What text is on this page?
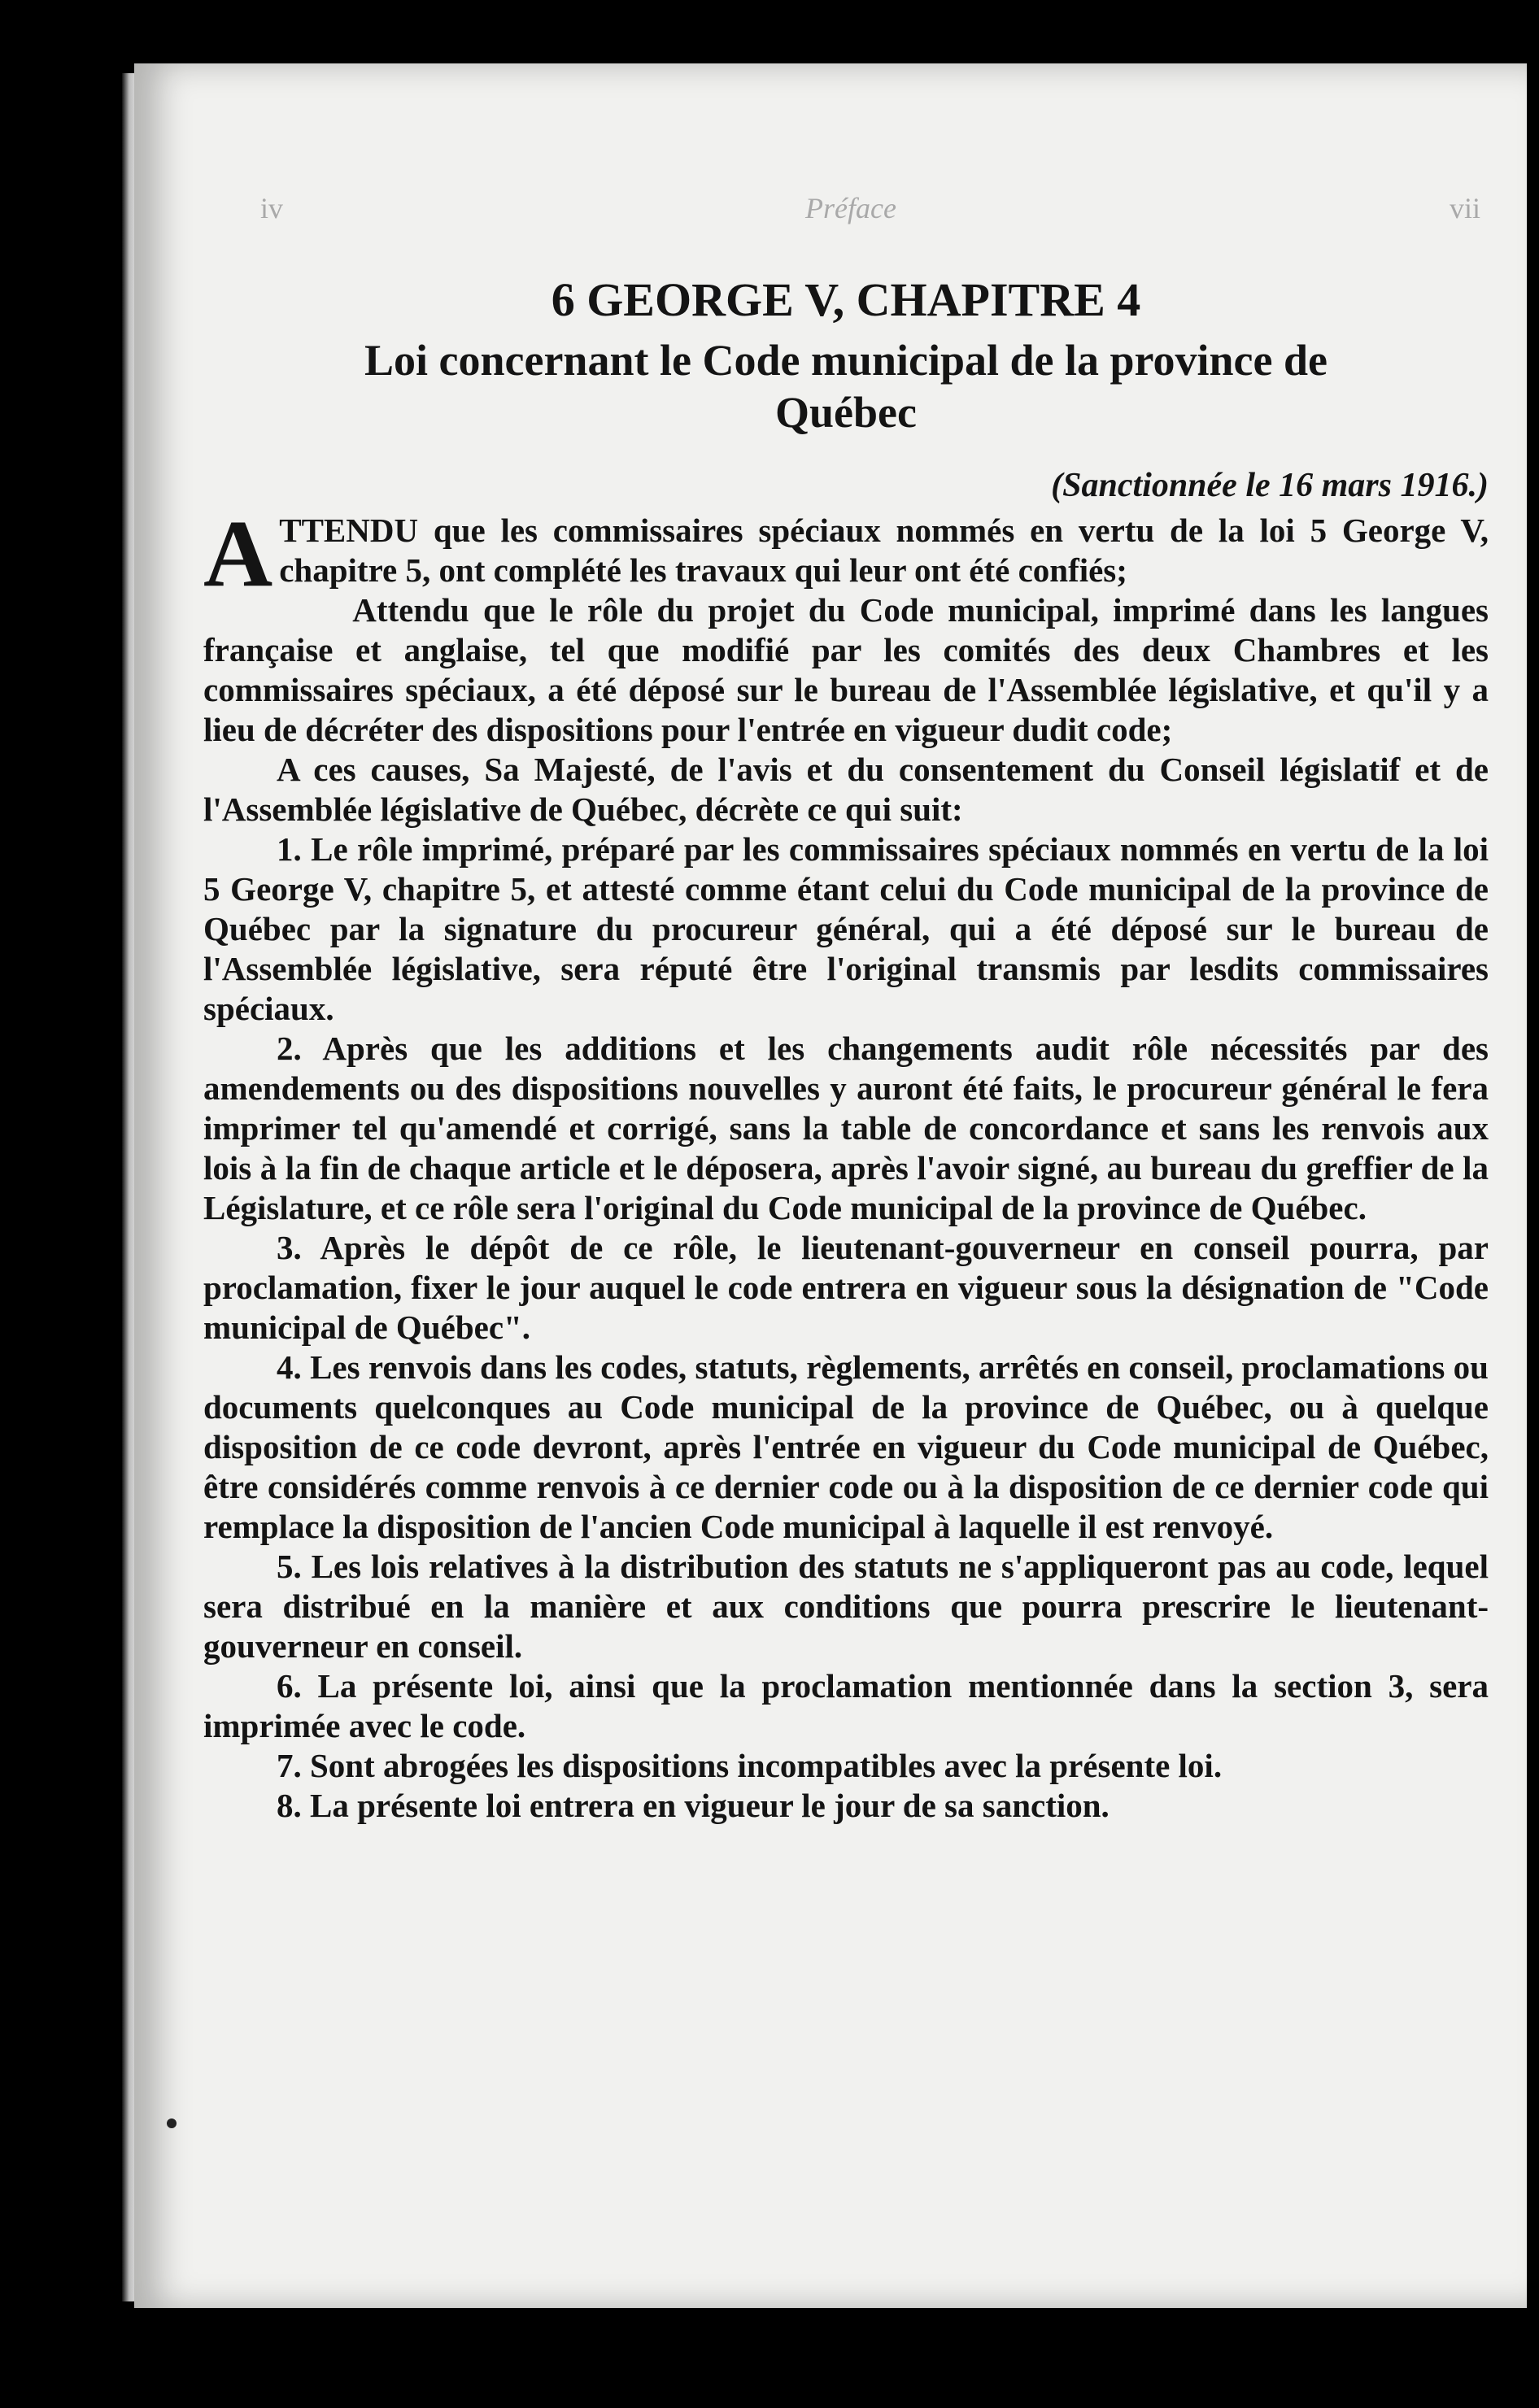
iv	Préface	vii
6 GEORGE V, CHAPITRE 4
Loi concernant le Code municipal de la province de Québec
(Sanctionnée le 16 mars 1916.)

ATTENDU que les commissaires spéciaux nommés en vertu de la loi 5 George V, chapitre 5, ont complété les travaux qui leur ont été confiés;

Attendu que le rôle du projet du Code municipal, imprimé dans les langues française et anglaise, tel que modifié par les comités des deux Chambres et les commissaires spéciaux, a été déposé sur le bureau de l'Assemblée législative, et qu'il y a lieu de décréter des dispositions pour l'entrée en vigueur dudit code;

A ces causes, Sa Majesté, de l'avis et du consentement du Conseil législatif et de l'Assemblée législative de Québec, décrète ce qui suit:

1. Le rôle imprimé, préparé par les commissaires spéciaux nommés en vertu de la loi 5 George V, chapitre 5, et attesté comme étant celui du Code municipal de la province de Québec par la signature du procureur général, qui a été déposé sur le bureau de l'Assemblée législative, sera réputé être l'original transmis par lesdits commissaires spéciaux.

2. Après que les additions et les changements audit rôle nécessités par des amendements ou des dispositions nouvelles y auront été faits, le procureur général le fera imprimer tel qu'amendé et corrigé, sans la table de concordance et sans les renvois aux lois à la fin de chaque article et le déposera, après l'avoir signé, au bureau du greffier de la Législature, et ce rôle sera l'original du Code municipal de la province de Québec.

3. Après le dépôt de ce rôle, le lieutenant-gouverneur en conseil pourra, par proclamation, fixer le jour auquel le code entrera en vigueur sous la désignation de "Code municipal de Québec".

4. Les renvois dans les codes, statuts, règlements, arrêtés en conseil, proclamations ou documents quelconques au Code municipal de la province de Québec, ou à quelque disposition de ce code devront, après l'entrée en vigueur du Code municipal de Québec, être considérés comme renvois à ce dernier code ou à la disposition de ce dernier code qui remplace la disposition de l'ancien Code municipal à laquelle il est renvoyé.

5. Les lois relatives à la distribution des statuts ne s'appliqueront pas au code, lequel sera distribué en la manière et aux conditions que pourra prescrire le lieutenant-gouverneur en conseil.

6. La présente loi, ainsi que la proclamation mentionnée dans la section 3, sera imprimée avec le code.

7. Sont abrogées les dispositions incompatibles avec la présente loi.

8. La présente loi entrera en vigueur le jour de sa sanction.
